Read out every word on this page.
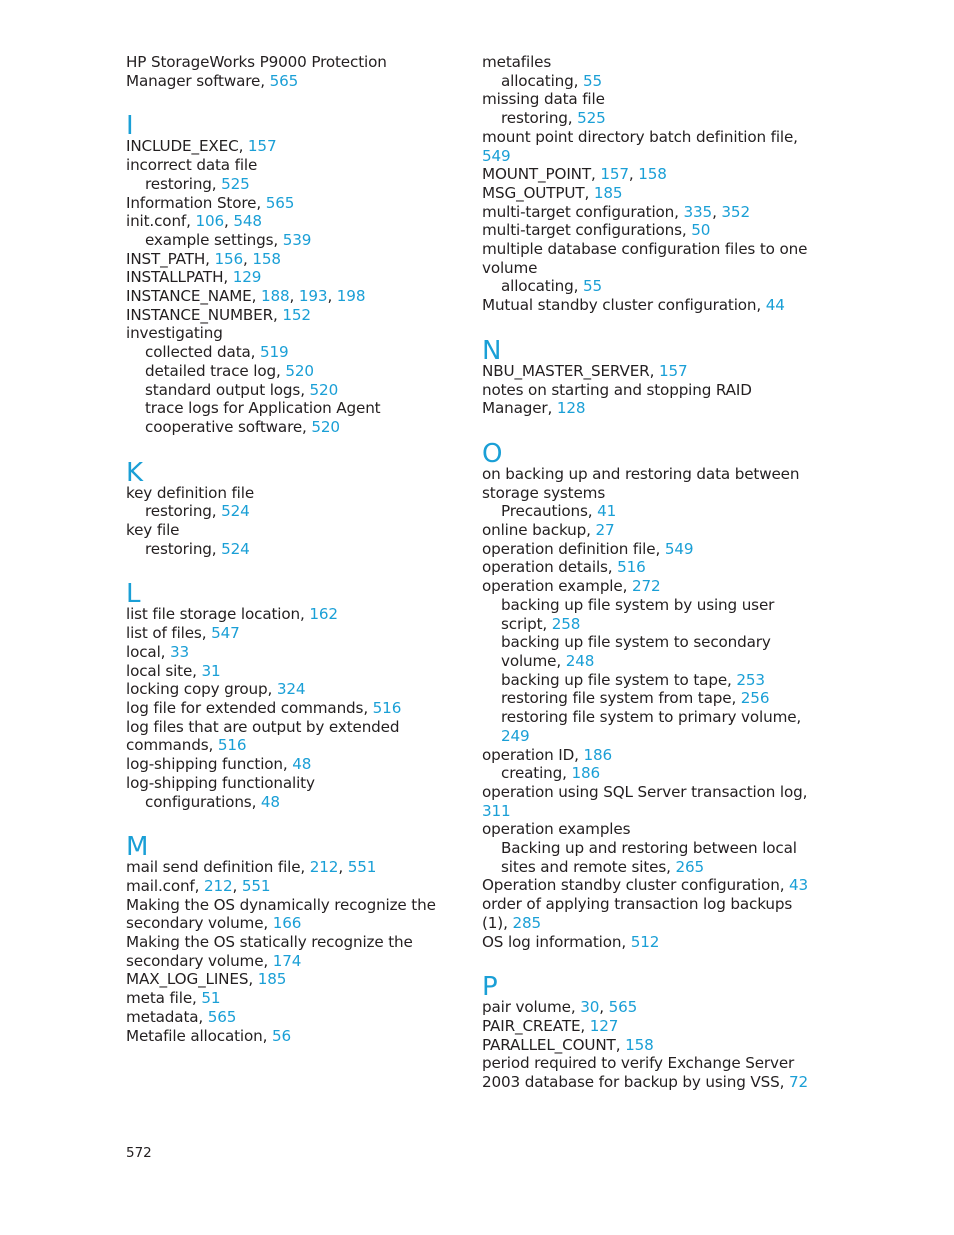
HP StorageWorks P9000 Protection Manager software, 565

I

INCLUDE_EXEC, 157

incorrect data file

restoring, 525

Information Store, 565

init.conf, 106, 548

example settings, 539

INST_PATH, 156, 158

INSTALLPATH, 129

INSTANCE_NAME, 188, 193, 198

INSTANCE_NUMBER, 152

investigating

collected data, 519

detailed trace log, 520

standard output logs, 520

trace logs for Application Agent cooperative software, 520

K

key definition file

restoring, 524

key file

restoring, 524

L

list file storage location, 162

list of files, 547

local, 33

local site, 31

locking copy group, 324

log file for extended commands, 516

log files that are output by extended commands, 516

log-shipping function, 48

log-shipping functionality

configurations, 48

M

mail send definition file, 212, 551

mail.conf, 212, 551

Making the OS dynamically recognize the secondary volume, 166

Making the OS statically recognize the secondary volume, 174

MAX_LOG_LINES, 185

meta file, 51

metadata, 565

Metafile allocation, 56

metafiles

allocating, 55

missing data file

restoring, 525

mount point directory batch definition file, 549

MOUNT_POINT, 157, 158

MSG_OUTPUT, 185

multi-target configuration, 335, 352

multi-target configurations, 50

multiple database configuration files to one volume

allocating, 55

Mutual standby cluster configuration, 44

N

NBU_MASTER_SERVER, 157

notes on starting and stopping RAID Manager, 128

O

on backing up and restoring data between storage systems

Precautions, 41

online backup, 27

operation definition file, 549

operation details, 516

operation example, 272

backing up file system by using user script, 258

backing up file system to secondary volume, 248

backing up file system to tape, 253

restoring file system from tape, 256

restoring file system to primary volume, 249

operation ID, 186

creating, 186

operation using SQL Server transaction log, 311

operation examples

Backing up and restoring between local sites and remote sites, 265

Operation standby cluster configuration, 43

order of applying transaction log backups (1), 285

OS log information, 512

P

pair volume, 30, 565

PAIR_CREATE, 127

PARALLEL_COUNT, 158

period required to verify Exchange Server 2003 database for backup by using VSS, 72

572
